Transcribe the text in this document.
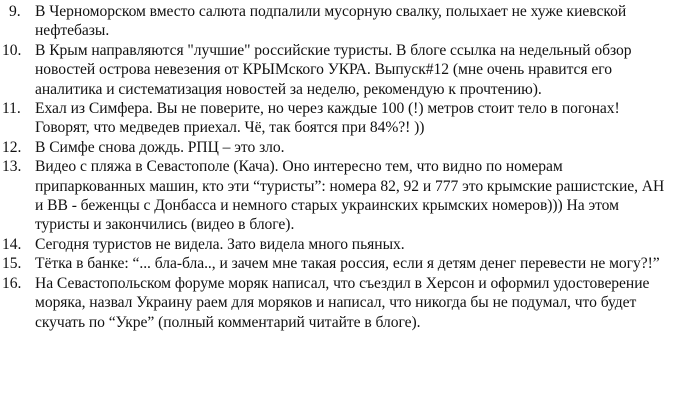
9. В Черноморском вместо салюта подпалили мусорную свалку, полыхает не хуже киевской нефтебазы.
10. В Крым направляются "лучшие" российские туристы. В блоге ссылка на недельный обзор новостей острова невезения от КРЫМского УКРА. Выпуск#12 (мне очень нравится его аналитика и систематизация новостей за неделю, рекомендую к прочтению).
11. Ехал из Симфера. Вы не поверите, но через каждые 100 (!) метров стоит тело в погонах! Говорят, что медведев приехал. Чё, так боятся при 84%?! ))
12. В Симфе снова дождь. РПЦ – это зло.
13. Видео с пляжа в Севастополе (Кача). Оно интересно тем, что видно по номерам припаркованных машин, кто эти “туристы”: номера 82, 92 и 777 это крымские рашистские, АН и ВВ - беженцы с Донбасса и немного старых украинских крымских номеров))) На этом туристы и закончились (видео в блоге).
14. Сегодня туристов не видела. Зато видела много пьяных.
15. Тётка в банке: “... бла-бла.., и зачем мне такая россия, если я детям денег перевести не могу?!”
16. На Севастопольском форуме моряк написал, что съездил в Херсон и оформил удостоверение моряка, назвал Украину раем для моряков и написал, что никогда бы не подумал, что будет скучать по “Укре” (полный комментарий читайте в блоге).
